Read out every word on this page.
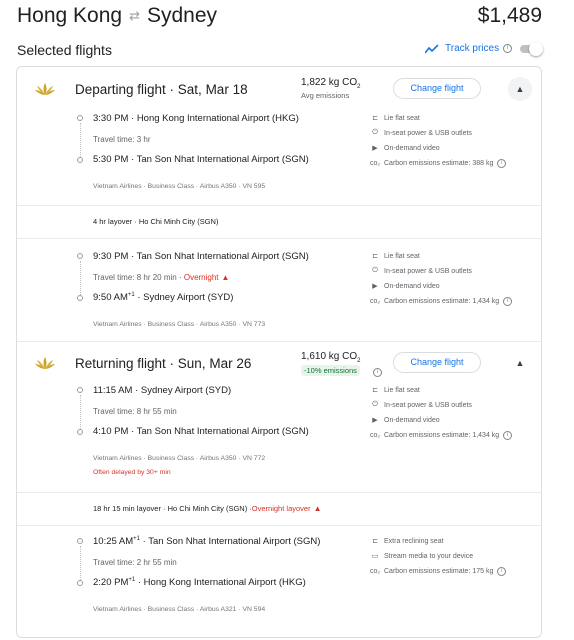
Hong Kong ⇄ Sydney	$1,489
Selected flights	Track prices	i
Departing flight · Sat, Mar 18	1,822 kg $CO_2$
Avg emissions
Change flight	▲
3:30 PM · Hong Kong International Airport (HKG)
Travel time: 3 hr
5:30 PM · Tan Son Nhat International Airport (SGN)
Vietnam Airlines · Business Class · Airbus A350 · VN 595
⊏ Lie flat seat
⏻ In-seat power & USB outlets
▶ On-demand video
co₂ Carbon emissions estimate: 388 kg	i
4 hr layover · Ho Chi Minh City (SGN)
9:30 PM · Tan Son Nhat International Airport (SGN)
Travel time: 8 hr 20 min · Overnight ▲
9:50 $AM^{+1}$ · Sydney Airport (SYD)
Vietnam Airlines · Business Class · Airbus A350 · VN 773
⊏ Lie flat seat
⏻ In-seat power & USB outlets
▶ On-demand video
co₂ Carbon emissions estimate: 1,434 kg	i
Returning flight · Sun, Mar 26	1,610 kg $CO_2$
-10% emissions	i
Change flight	▲
11:15 AM · Sydney Airport (SYD)
Travel time: 8 hr 55 min
4:10 PM · Tan Son Nhat International Airport (SGN)
Vietnam Airlines · Business Class · Airbus A350 · VN 772
Often delayed by 30+ min
⊏ Lie flat seat
⏻ In-seat power & USB outlets
▶ On-demand video
co₂ Carbon emissions estimate: 1,434 kg	i
18 hr 15 min layover · Ho Chi Minh City (SGN) · Overnight layover ▲
10:25 $AM^{+1}$ · Tan Son Nhat International Airport (SGN)
Travel time: 2 hr 55 min
2:20 $PM^{+1}$ · Hong Kong International Airport (HKG)
Vietnam Airlines · Business Class · Airbus A321 · VN 594
⊏ Extra reclining seat
▭ Stream media to your device
co₂ Carbon emissions estimate: 175 kg	i
